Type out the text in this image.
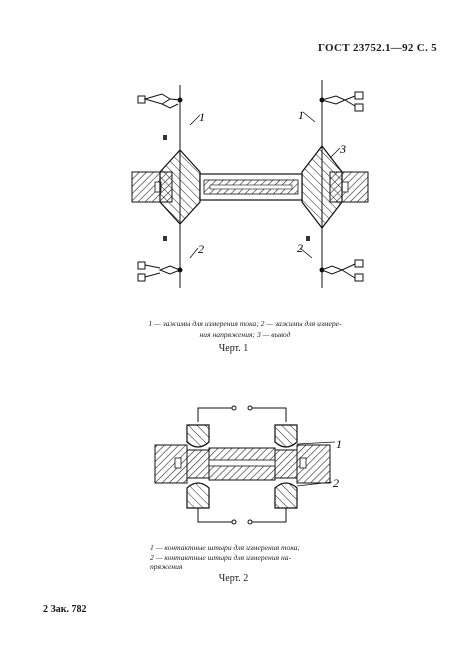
ГОСТ 23752.1—92 С. 5
1	1
3
2	2
1 — зажимы для измерения тока; 2 — зажимы для измере-
ния напряжения; 3 — вывод
Черт. 1
1
2
1 — контактные штыри для измерения тока;
2 — контактные штыри для измерения на-
пряжения
Черт. 2
2 Зак. 782
